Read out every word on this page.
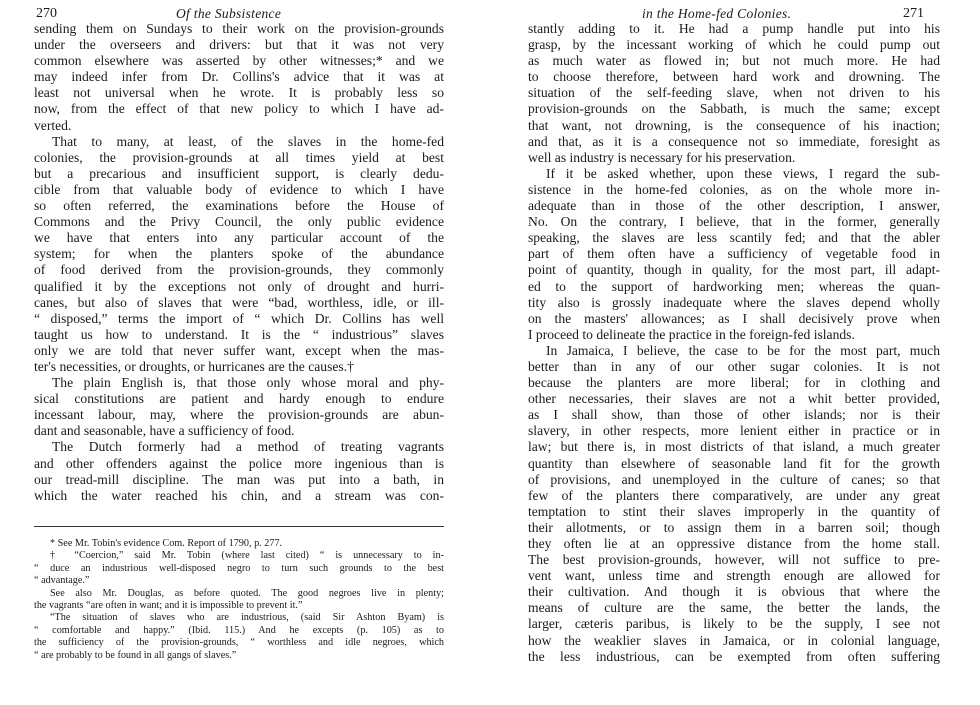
270	Of the Subsistence
sending them on Sundays to their work on the provision-grounds
under the overseers and drivers: but that it was not very
common elsewhere was asserted by other witnesses;* and we
may indeed infer from Dr. Collins's advice that it was at
least not universal when he wrote. It is probably less so
now, from the effect of that new policy to which I have ad-
verted.
That to many, at least, of the slaves in the home-fed
colonies, the provision-grounds at all times yield at best
but a precarious and insufficient support, is clearly dedu-
cible from that valuable body of evidence to which I have
so often referred, the examinations before the House of
Commons and the Privy Council, the only public evidence
we have that enters into any particular account of the
system; for when the planters spoke of the abundance
of food derived from the provision-grounds, they commonly
qualified it by the exceptions not only of drought and hurri-
canes, but also of slaves that were “bad, worthless, idle, or ill-
“ disposed,” terms the import of “ which Dr. Collins has well
taught us how to understand. It is the “ industrious” slaves
only we are told that never suffer want, except when the mas-
ter's necessities, or droughts, or hurricanes are the causes.†
The plain English is, that those only whose moral and phy-
sical constitutions are patient and hardy enough to endure
incessant labour, may, where the provision-grounds are abun-
dant and seasonable, have a sufficiency of food.
The Dutch formerly had a method of treating vagrants
and other offenders against the police more ingenious than is
our tread-mill discipline. The man was put into a bath, in
which the water reached his chin, and a stream was con-
* See Mr. Tobin's evidence Com. Report of 1790, p. 277.
† “Coercion,” said Mr. Tobin (where last cited) “ is unnecessary to in-
“ duce an industrious well-disposed negro to turn such grounds to the best
“ advantage.”
See also Mr. Douglas, as before quoted. The good negroes live in plenty;
the vagrants “are often in want; and it is impossible to prevent it.”
“The situation of slaves who are industrious, (said Sir Ashton Byam) is
“ comfortable and happy.” (Ibid. 115.) And he excepts (p. 105) as to
the sufficiency of the provision-grounds, “ worthless and idle negroes, which
“ are probably to be found in all gangs of slaves.”
in the Home-fed Colonies.	271
stantly adding to it. He had a pump handle put into his
grasp, by the incessant working of which he could pump out
as much water as flowed in; but not much more. He had
to choose therefore, between hard work and drowning. The
situation of the self-feeding slave, when not driven to his
provision-grounds on the Sabbath, is much the same; except
that want, not drowning, is the consequence of his inaction;
and that, as it is a consequence not so immediate, foresight as
well as industry is necessary for his preservation.
If it be asked whether, upon these views, I regard the sub-
sistence in the home-fed colonies, as on the whole more in-
adequate than in those of the other description, I answer,
No. On the contrary, I believe, that in the former, generally
speaking, the slaves are less scantily fed; and that the abler
part of them often have a sufficiency of vegetable food in
point of quantity, though in quality, for the most part, ill adapt-
ed to the support of hardworking men; whereas the quan-
tity also is grossly inadequate where the slaves depend wholly
on the masters' allowances; as I shall decisively prove when
I proceed to delineate the practice in the foreign-fed islands.
In Jamaica, I believe, the case to be for the most part, much
better than in any of our other sugar colonies. It is not
because the planters are more liberal; for in clothing and
other necessaries, their slaves are not a whit better provided,
as I shall show, than those of other islands; nor is their
slavery, in other respects, more lenient either in practice or in
law; but there is, in most districts of that island, a much greater
quantity than elsewhere of seasonable land fit for the growth
of provisions, and unemployed in the culture of canes; so that
few of the planters there comparatively, are under any great
temptation to stint their slaves improperly in the quantity of
their allotments, or to assign them in a barren soil; though
they often lie at an oppressive distance from the home stall.
The best provision-grounds, however, will not suffice to pre-
vent want, unless time and strength enough are allowed for
their cultivation. And though it is obvious that where the
means of culture are the same, the better the lands, the
larger, cæteris paribus, is likely to be the supply, I see not
how the weaklier slaves in Jamaica, or in colonial language,
the less industrious, can be exempted from often suffering
